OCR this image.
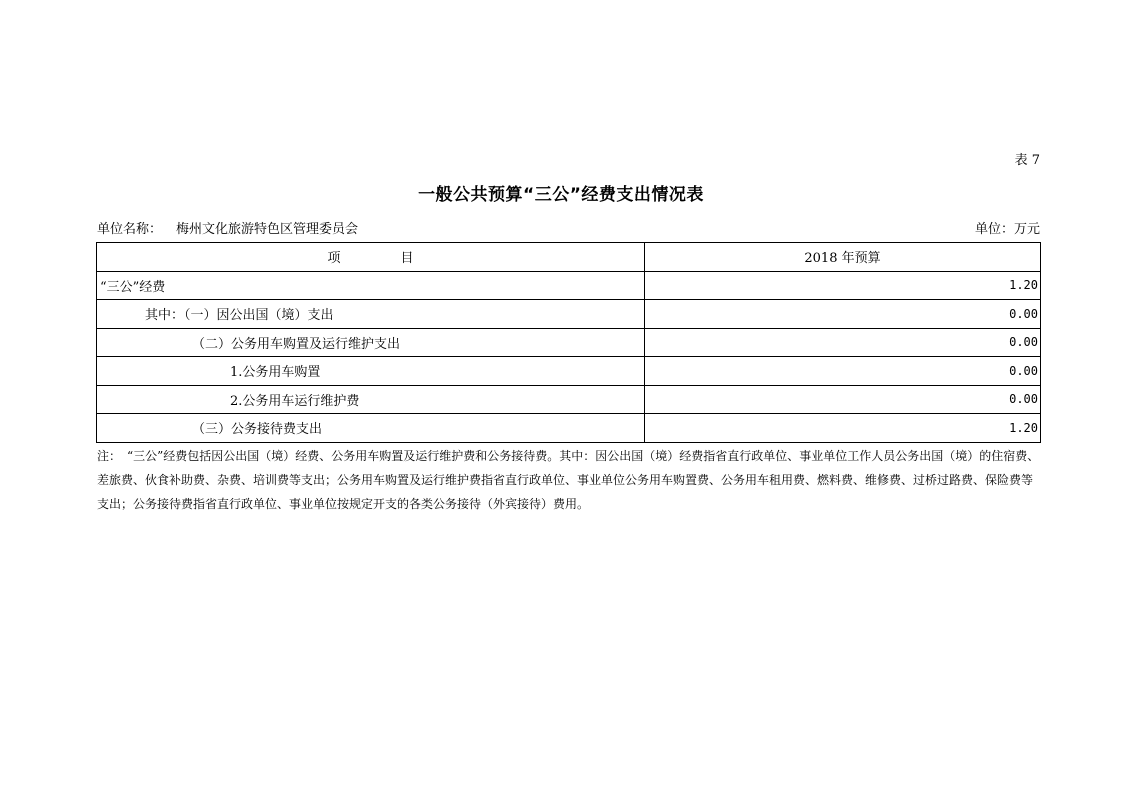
表 7
一般公共预算“三公”经费支出情况表
单位名称： 梅州文化旅游特色区管理委员会	单位：万元
项 目	2018 年预算
“三公”经费	1.20
其中：（一）因公出国（境）支出	0.00
（二）公务用车购置及运行维护支出	0.00
1.公务用车购置	0.00
2.公务用车运行维护费	0.00
（三）公务接待费支出	1.20

注：　“三公”经费包括因公出国（境）经费、公务用车购置及运行维护费和公务接待费。其中：因公出国（境）经费指省直行政单位、事业单位工作人员公务出国（境）的住宿费、差旅费、伙食补助费、杂费、培训费等支出；公务用车购置及运行维护费指省直行政单位、事业单位公务用车购置费、公务用车租用费、燃料费、维修费、过桥过路费、保险费等支出；公务接待费指省直行政单位、事业单位按规定开支的各类公务接待（外宾接待）费用。
